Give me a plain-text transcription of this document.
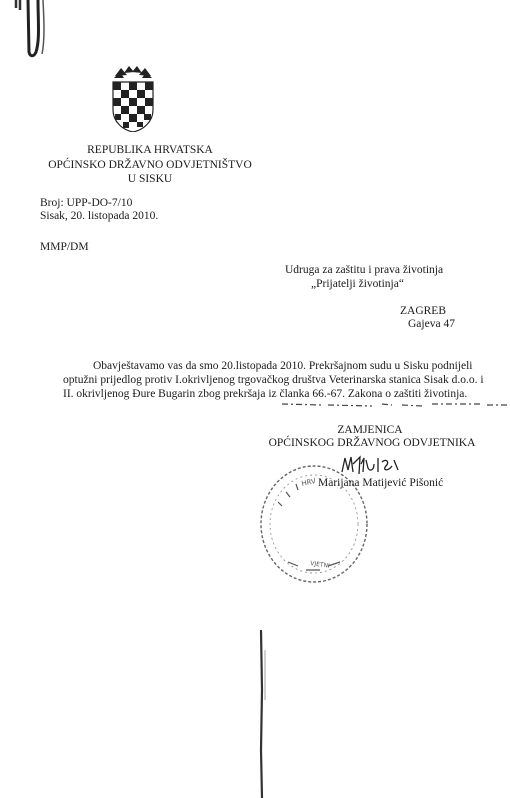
REPUBLIKA HRVATSKA
OPĆINSKO DRŽAVNO ODVJETNIŠTVO
U SISKU
Broj: UPP-DO-7/10
Sisak, 20. listopada 2010.
MMP/DM
Udruga za zaštitu i prava životinja
„Prijatelji životinja“
ZAGREB
Gajeva 47
Obavještavamo vas da smo 20.listopada 2010. Prekršajnom sudu u Sisku podnijeli
optužni prijedlog protiv I.okrivljenog trgovačkog društva Veterinarska stanica Sisak d.o.o. i
II. okrivljenog Đure Bugarin zbog prekršaja iz članka 66.-67. Zakona o zaštiti životinja.
ZAMJENICA
OPĆINSKOG DRŽAVNOG ODVJETNIKA
HRV
VJETNI
Marijana Matijević Pišonić
